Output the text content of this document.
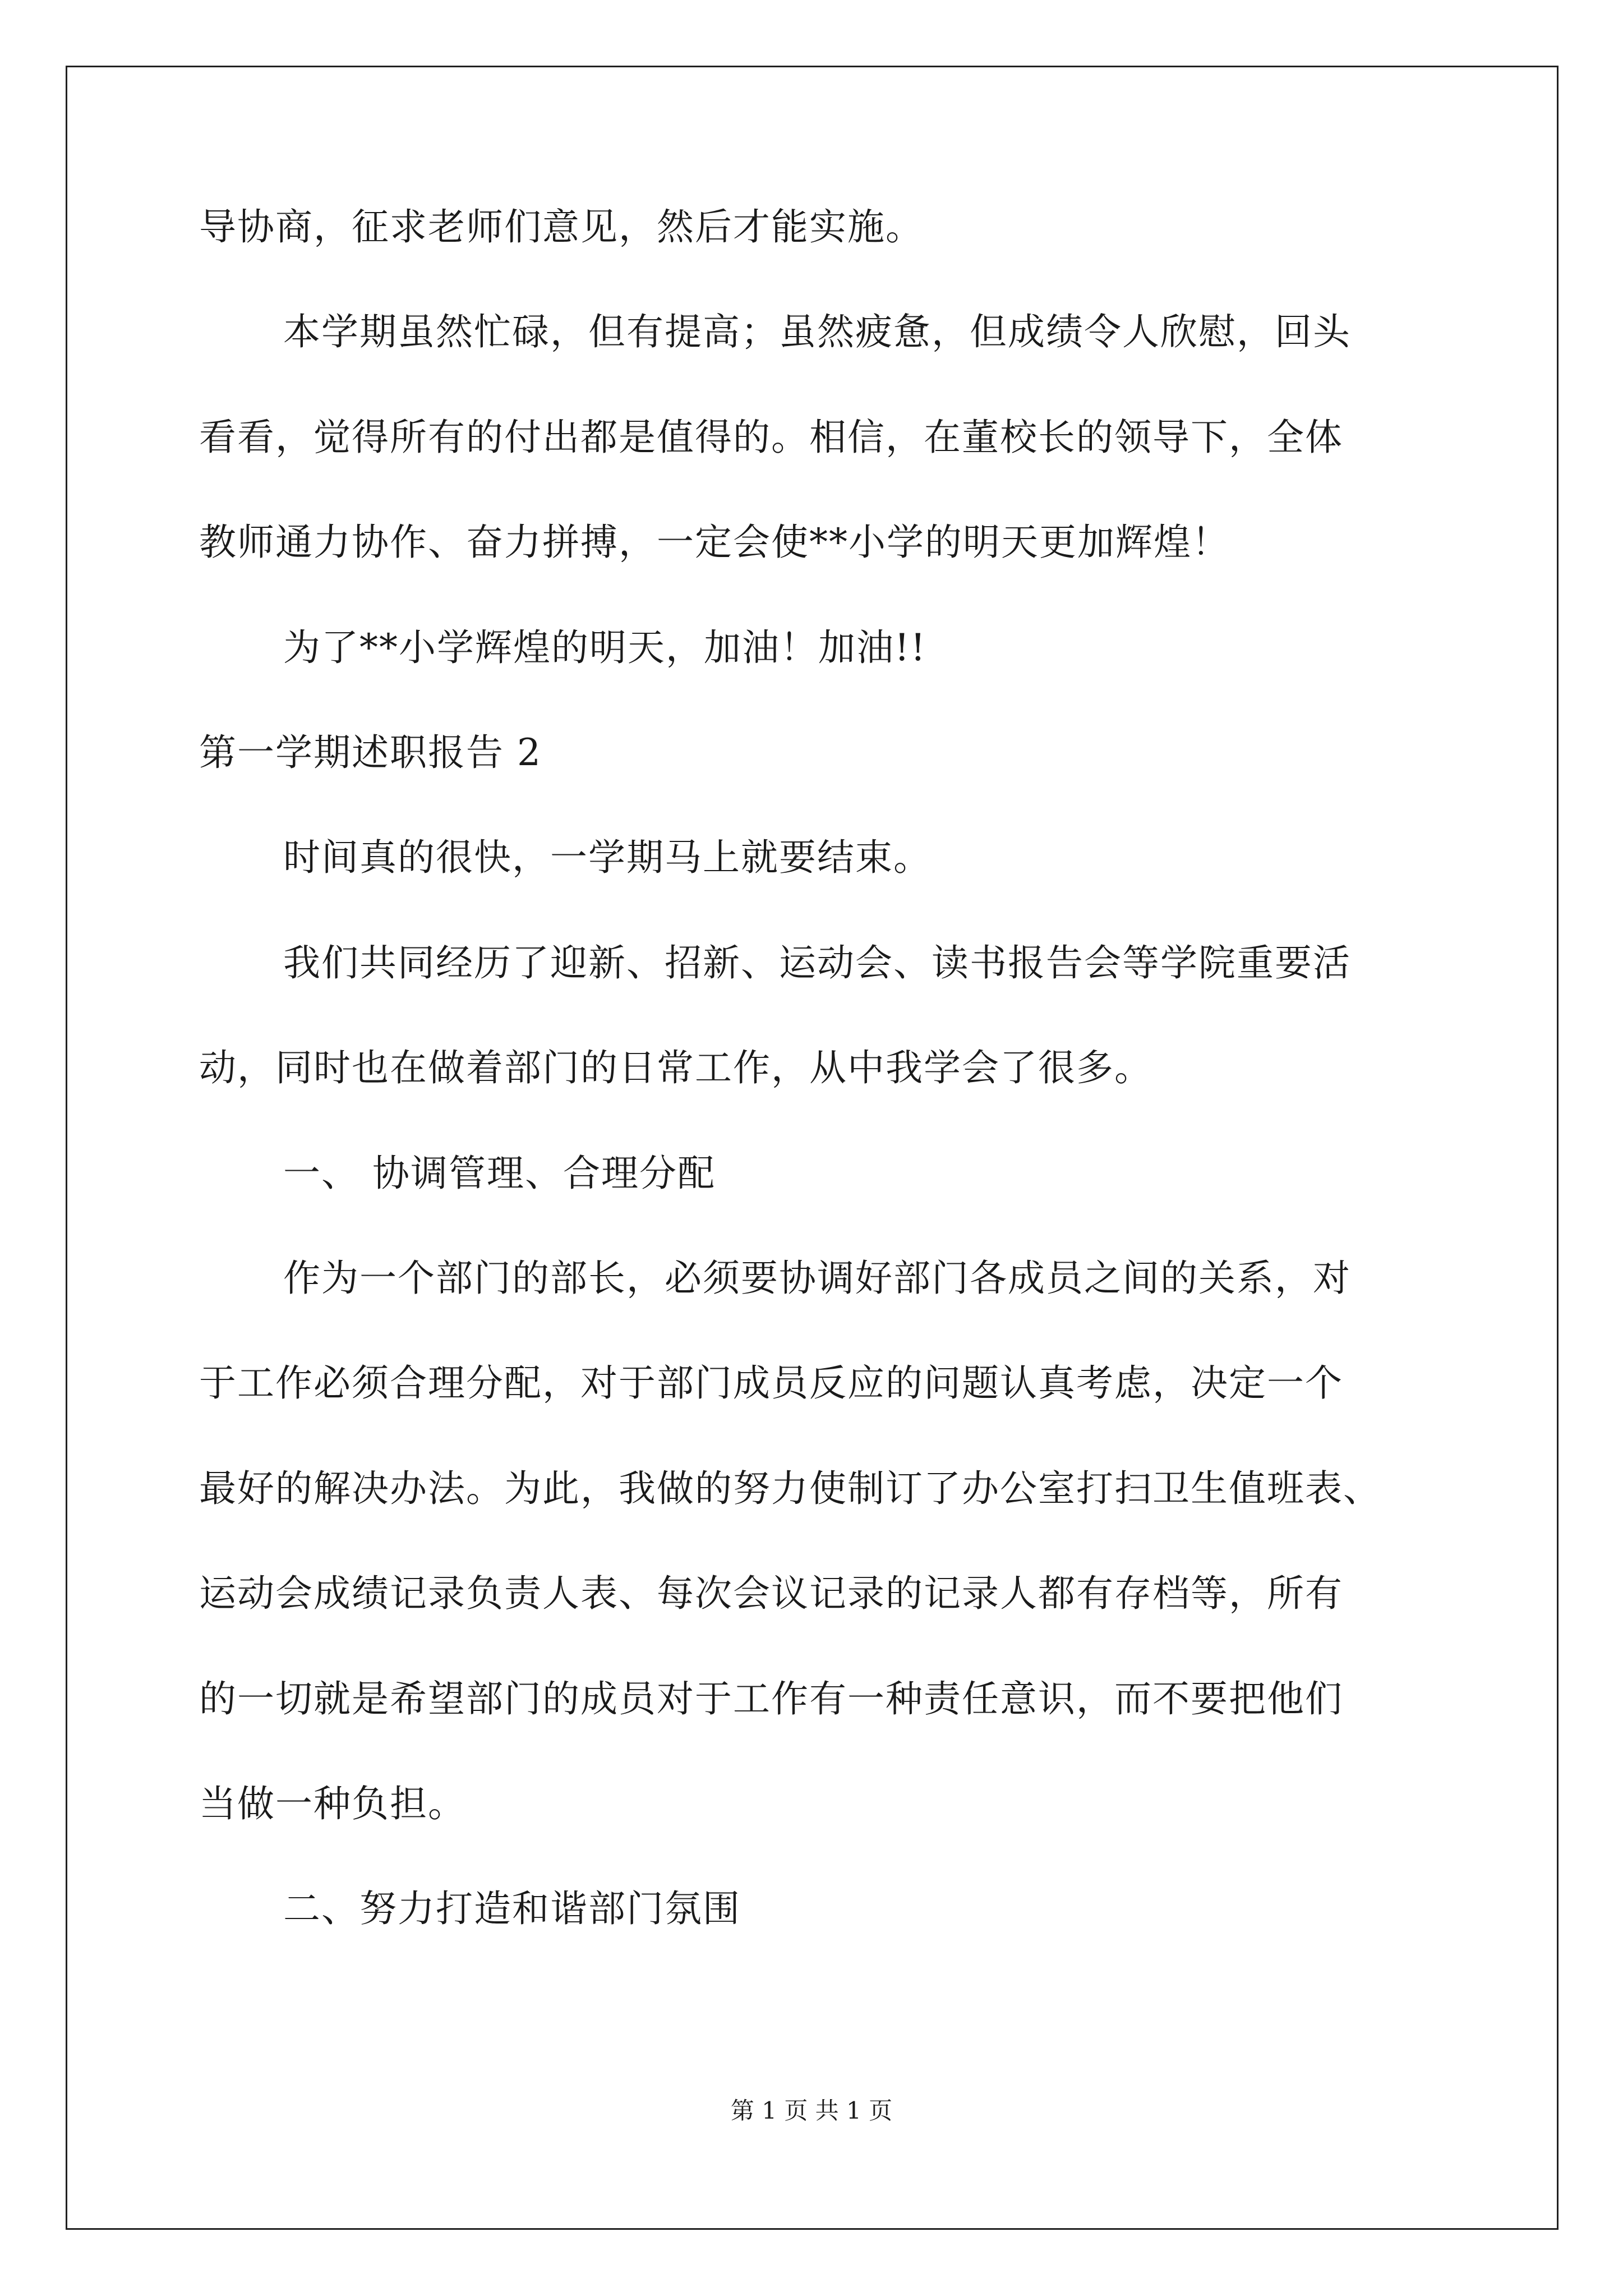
导协商，征求老师们意见，然后才能实施。
本学期虽然忙碌，但有提高；虽然疲惫，但成绩令人欣慰，回头
看看，觉得所有的付出都是值得的。相信，在董校长的领导下，全体
教师通力协作、奋力拼搏，一定会使**小学的明天更加辉煌！
为了**小学辉煌的明天，加油！加油!!
第一学期述职报告 2
时间真的很快，一学期马上就要结束。
我们共同经历了迎新、招新、运动会、读书报告会等学院重要活
动，同时也在做着部门的日常工作，从中我学会了很多。
一、 协调管理、合理分配
作为一个部门的部长，必须要协调好部门各成员之间的关系，对
于工作必须合理分配，对于部门成员反应的问题认真考虑，决定一个
最好的解决办法。为此，我做的努力使制订了办公室打扫卫生值班表、
运动会成绩记录负责人表、每次会议记录的记录人都有存档等，所有
的一切就是希望部门的成员对于工作有一种责任意识，而不要把他们
当做一种负担。
二、努力打造和谐部门氛围
第 1 页 共 1 页
